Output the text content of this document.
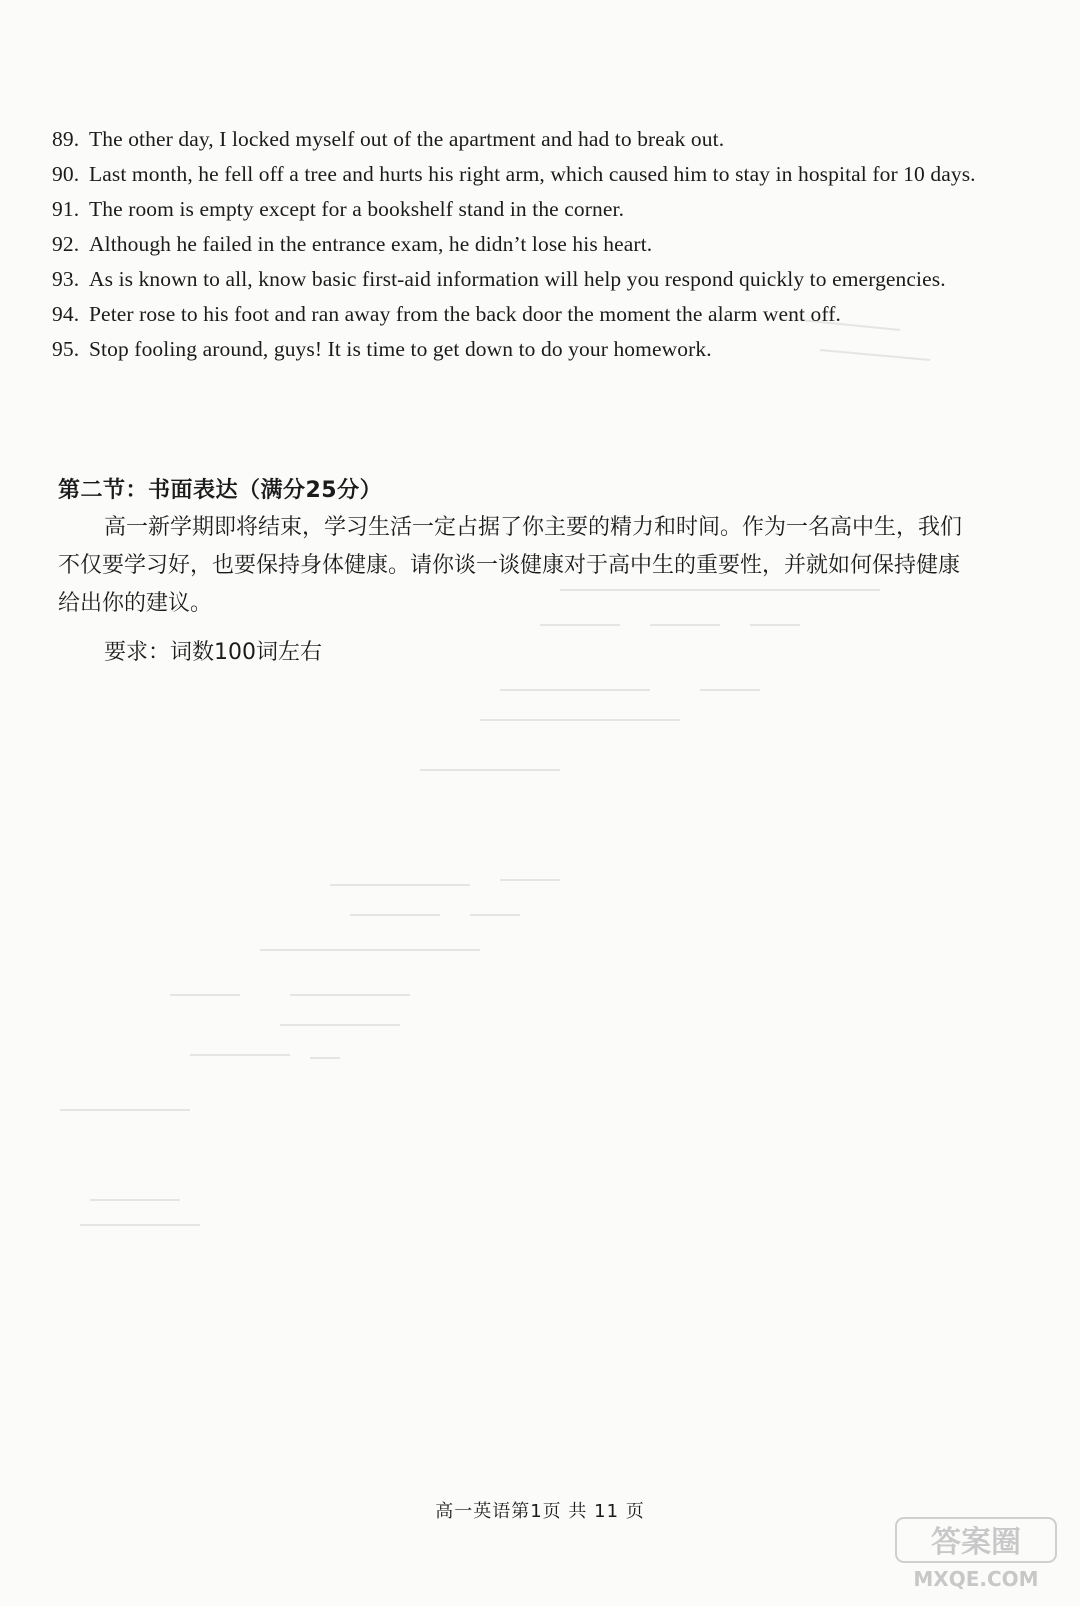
89. The other day, I locked myself out of the apartment and had to break out.
90. Last month, he fell off a tree and hurts his right arm, which caused him to stay in hospital for 10 days.
91. The room is empty except for a bookshelf stand in the corner.
92. Although he failed in the entrance exam, he didn’t lose his heart.
93. As is known to all, know basic first-aid information will help you respond quickly to emergencies.
94. Peter rose to his foot and ran away from the back door the moment the alarm went off.
95. Stop fooling around, guys! It is time to get down to do your homework.
第二节：书面表达（满分25分）

高一新学期即将结束，学习生活一定占据了你主要的精力和时间。作为一名高中生，我们不仅要学习好，也要保持身体健康。请你谈一谈健康对于高中生的重要性，并就如何保持健康给出你的建议。

要求：词数100词左右
高一英语第1页 共 11 页
答案圈
MXQE.COM
